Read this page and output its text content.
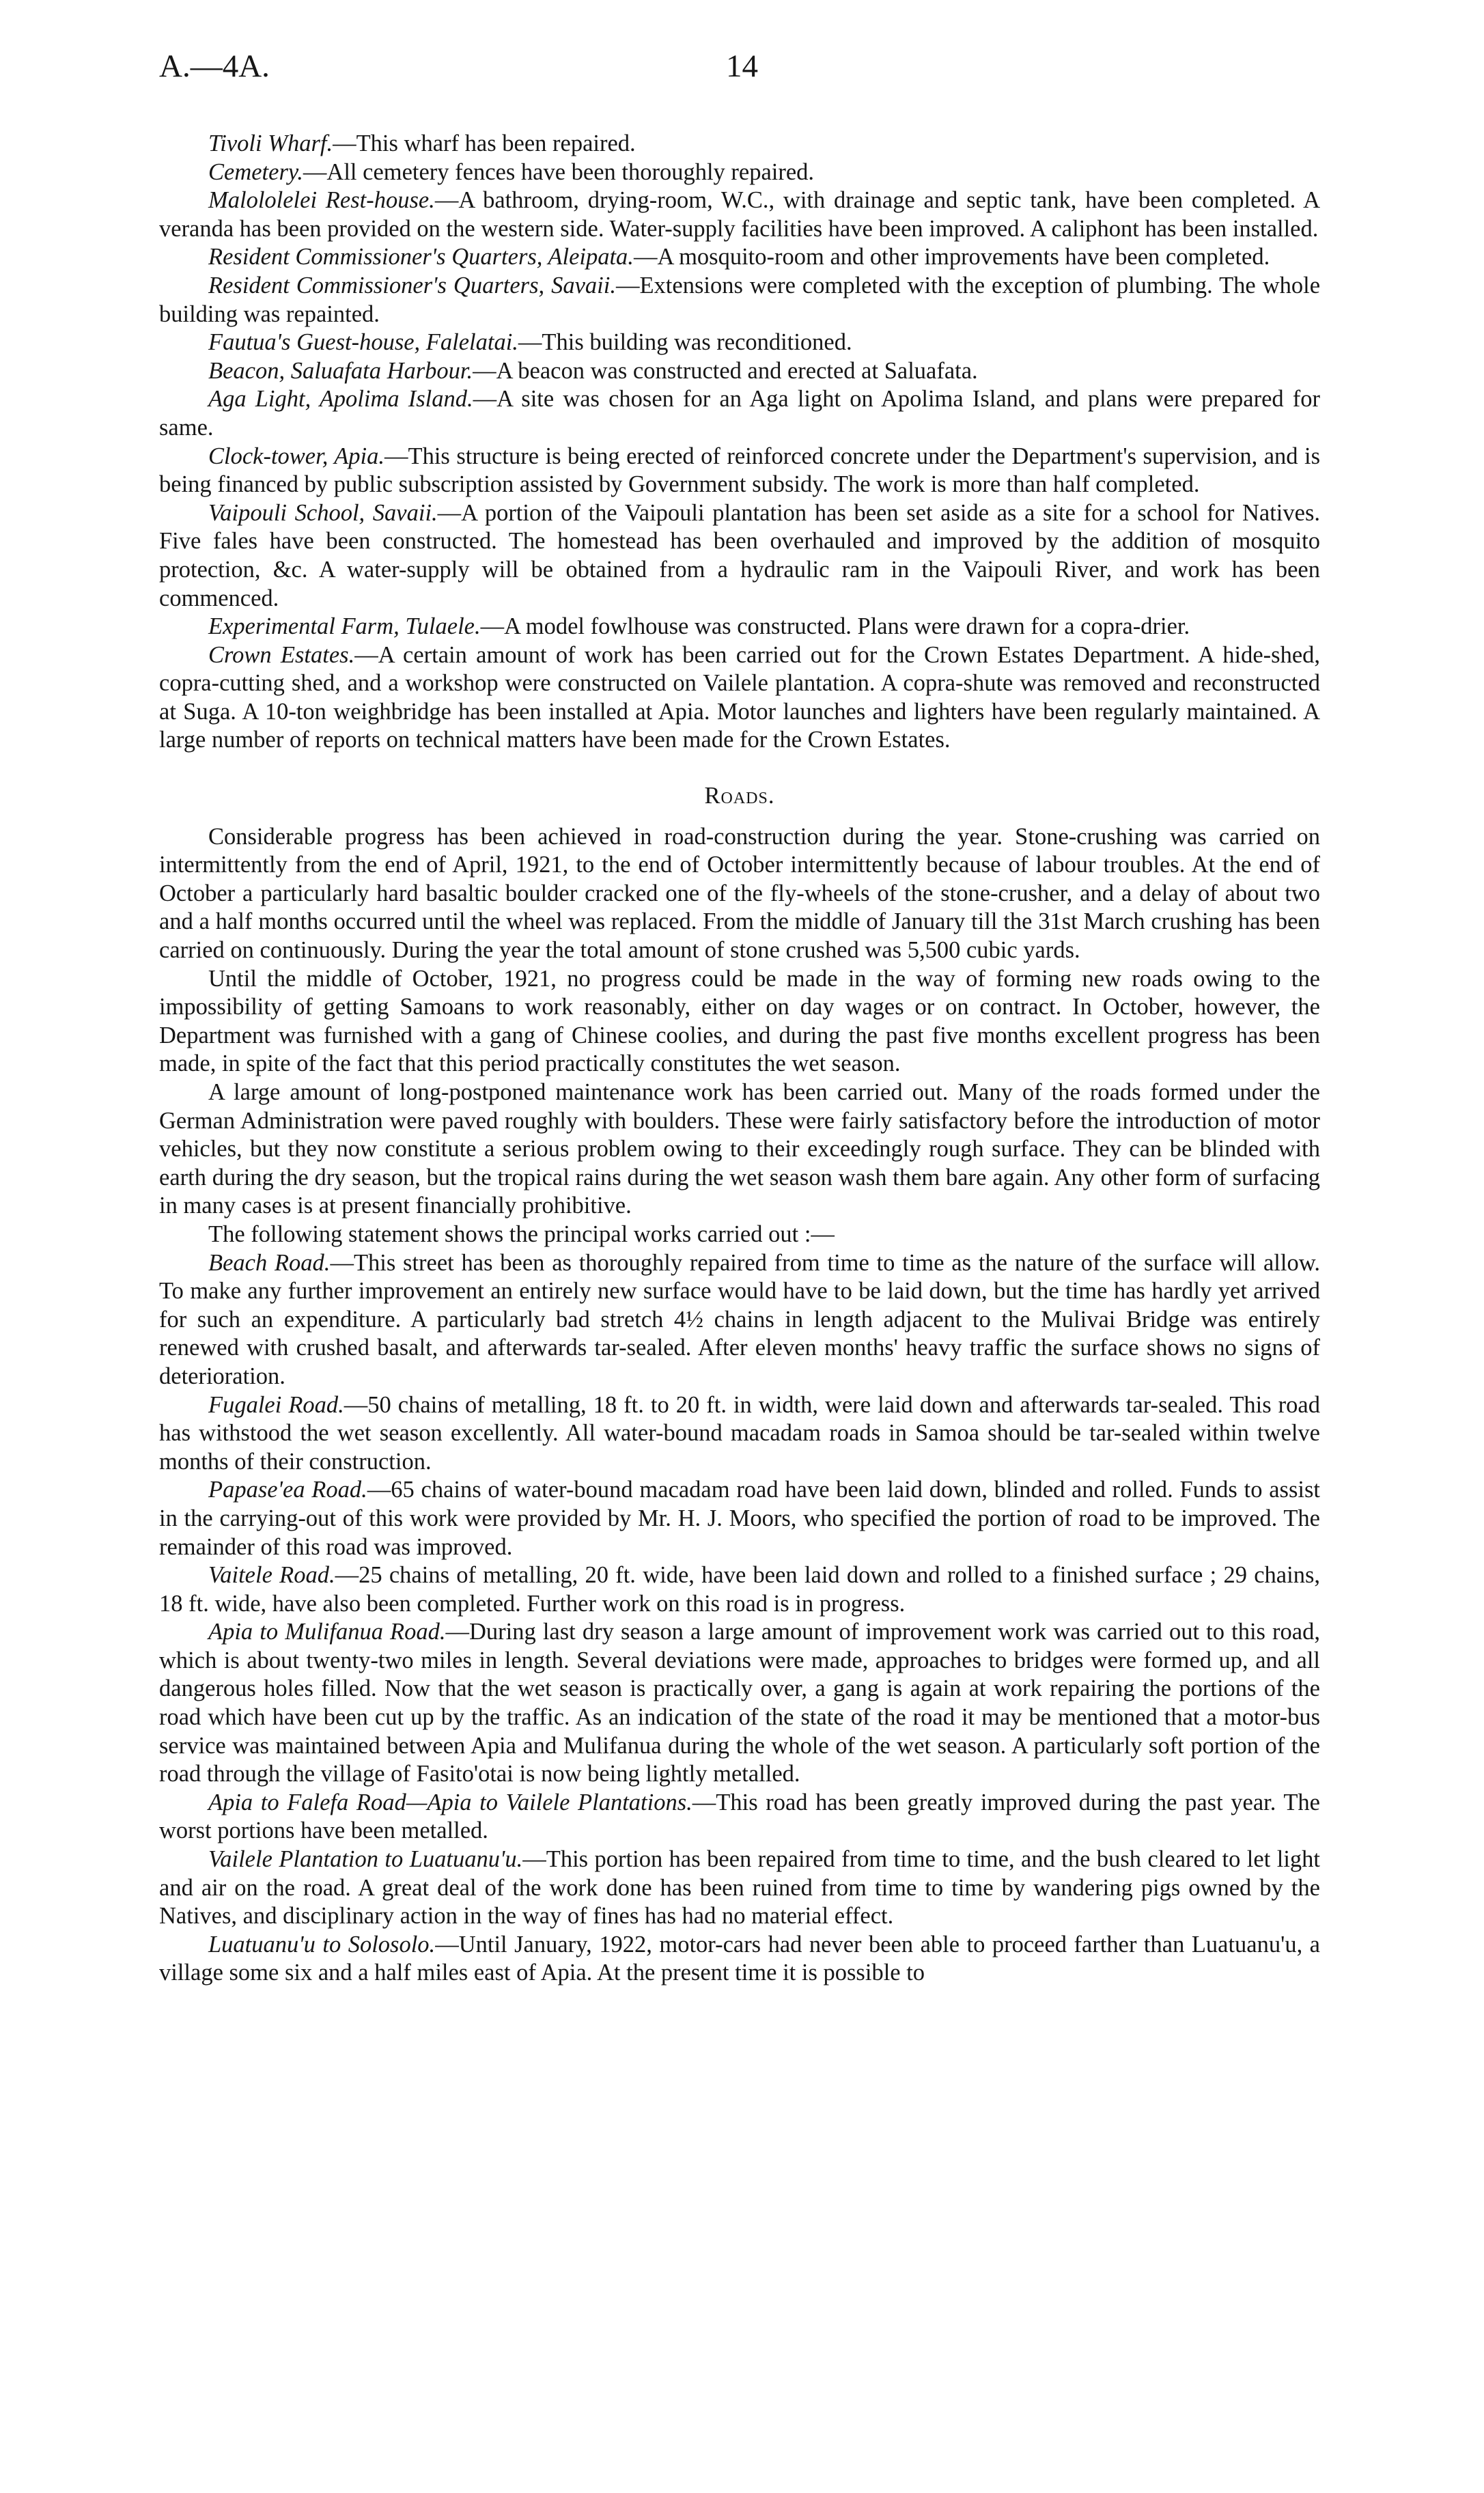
A.—4A.	14

Tivoli Wharf.—This wharf has been repaired.

Cemetery.—All cemetery fences have been thoroughly repaired.

Malololelei Rest-house.—A bathroom, drying-room, W.C., with drainage and septic tank, have been completed. A veranda has been provided on the western side. Water-supply facilities have been improved. A caliphont has been installed.

Resident Commissioner's Quarters, Aleipata.—A mosquito-room and other improvements have been completed.

Resident Commissioner's Quarters, Savaii.—Extensions were completed with the exception of plumbing. The whole building was repainted.

Fautua's Guest-house, Falelatai.—This building was reconditioned.

Beacon, Saluafata Harbour.—A beacon was constructed and erected at Saluafata.

Aga Light, Apolima Island.—A site was chosen for an Aga light on Apolima Island, and plans were prepared for same.

Clock-tower, Apia.—This structure is being erected of reinforced concrete under the Department's supervision, and is being financed by public subscription assisted by Government subsidy. The work is more than half completed.

Vaipouli School, Savaii.—A portion of the Vaipouli plantation has been set aside as a site for a school for Natives. Five fales have been constructed. The homestead has been overhauled and improved by the addition of mosquito protection, &c. A water-supply will be obtained from a hydraulic ram in the Vaipouli River, and work has been commenced.

Experimental Farm, Tulaele.—A model fowlhouse was constructed. Plans were drawn for a copra-drier.

Crown Estates.—A certain amount of work has been carried out for the Crown Estates Department. A hide-shed, copra-cutting shed, and a workshop were constructed on Vailele plantation. A copra-shute was removed and reconstructed at Suga. A 10-ton weighbridge has been installed at Apia. Motor launches and lighters have been regularly maintained. A large number of reports on technical matters have been made for the Crown Estates.

Roads.

Considerable progress has been achieved in road-construction during the year. Stone-crushing was carried on intermittently from the end of April, 1921, to the end of October intermittently because of labour troubles. At the end of October a particularly hard basaltic boulder cracked one of the fly-wheels of the stone-crusher, and a delay of about two and a half months occurred until the wheel was replaced. From the middle of January till the 31st March crushing has been carried on continuously. During the year the total amount of stone crushed was 5,500 cubic yards.

Until the middle of October, 1921, no progress could be made in the way of forming new roads owing to the impossibility of getting Samoans to work reasonably, either on day wages or on contract. In October, however, the Department was furnished with a gang of Chinese coolies, and during the past five months excellent progress has been made, in spite of the fact that this period practically constitutes the wet season.

A large amount of long-postponed maintenance work has been carried out. Many of the roads formed under the German Administration were paved roughly with boulders. These were fairly satisfactory before the introduction of motor vehicles, but they now constitute a serious problem owing to their exceedingly rough surface. They can be blinded with earth during the dry season, but the tropical rains during the wet season wash them bare again. Any other form of surfacing in many cases is at present financially prohibitive.

The following statement shows the principal works carried out :—

Beach Road.—This street has been as thoroughly repaired from time to time as the nature of the surface will allow. To make any further improvement an entirely new surface would have to be laid down, but the time has hardly yet arrived for such an expenditure. A particularly bad stretch 4½ chains in length adjacent to the Mulivai Bridge was entirely renewed with crushed basalt, and afterwards tar-sealed. After eleven months' heavy traffic the surface shows no signs of deterioration.

Fugalei Road.—50 chains of metalling, 18 ft. to 20 ft. in width, were laid down and afterwards tar-sealed. This road has withstood the wet season excellently. All water-bound macadam roads in Samoa should be tar-sealed within twelve months of their construction.

Papase'ea Road.—65 chains of water-bound macadam road have been laid down, blinded and rolled. Funds to assist in the carrying-out of this work were provided by Mr. H. J. Moors, who specified the portion of road to be improved. The remainder of this road was improved.

Vaitele Road.—25 chains of metalling, 20 ft. wide, have been laid down and rolled to a finished surface ; 29 chains, 18 ft. wide, have also been completed. Further work on this road is in progress.

Apia to Mulifanua Road.—During last dry season a large amount of improvement work was carried out to this road, which is about twenty-two miles in length. Several deviations were made, approaches to bridges were formed up, and all dangerous holes filled. Now that the wet season is practically over, a gang is again at work repairing the portions of the road which have been cut up by the traffic. As an indication of the state of the road it may be mentioned that a motor-bus service was maintained between Apia and Mulifanua during the whole of the wet season. A particularly soft portion of the road through the village of Fasito'otai is now being lightly metalled.

Apia to Falefa Road—Apia to Vailele Plantations.—This road has been greatly improved during the past year. The worst portions have been metalled.

Vailele Plantation to Luatuanu'u.—This portion has been repaired from time to time, and the bush cleared to let light and air on the road. A great deal of the work done has been ruined from time to time by wandering pigs owned by the Natives, and disciplinary action in the way of fines has had no material effect.

Luatuanu'u to Solosolo.—Until January, 1922, motor-cars had never been able to proceed farther than Luatuanu'u, a village some six and a half miles east of Apia. At the present time it is possible to
